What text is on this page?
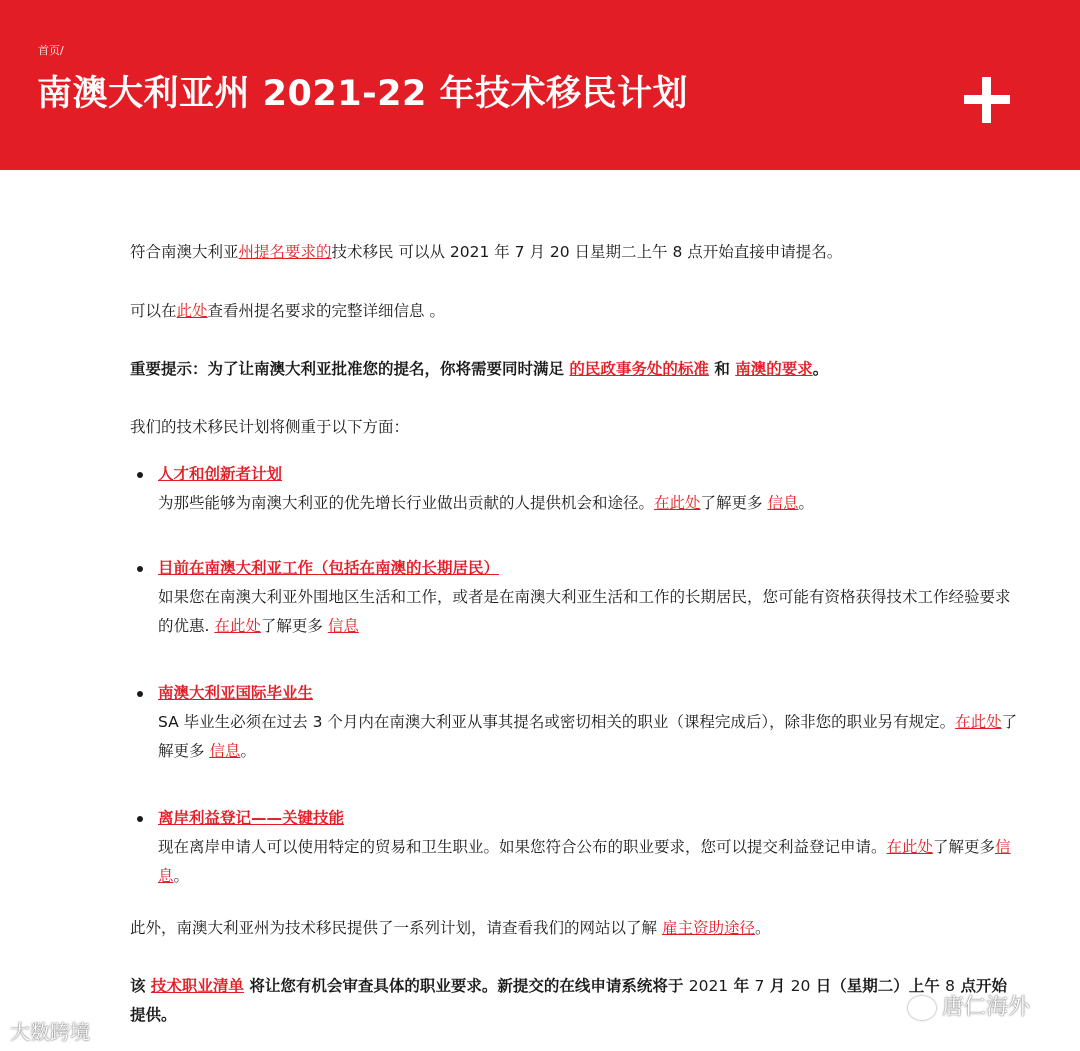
首页/
南澳大利亚州 2021-22 年技术移民计划

符合南澳大利亚州提名要求的技术移民 可以从 2021 年 7 月 20 日星期二上午 8 点开始直接申请提名。

可以在此处查看州提名要求的完整详细信息 。

重要提示：为了让南澳大利亚批准您的提名，你将需要同时满足 的民政事务处的标准 和 南澳的要求。

我们的技术移民计划将侧重于以下方面：

人才和创新者计划
为那些能够为南澳大利亚的优先增长行业做出贡献的人提供机会和途径。在此处了解更多 信息。
目前在南澳大利亚工作（包括在南澳的长期居民）
如果您在南澳大利亚外围地区生活和工作，或者是在南澳大利亚生活和工作的长期居民，您可能有资格获得技术工作经验要求的优惠. 在此处了解更多 信息
南澳大利亚国际毕业生
SA 毕业生必须在过去 3 个月内在南澳大利亚从事其提名或密切相关的职业（课程完成后），除非您的职业另有规定。在此处了解更多 信息。
离岸利益登记——关键技能
现在离岸申请人可以使用特定的贸易和卫生职业。如果您符合公布的职业要求，您可以提交利益登记申请。在此处了解更多信息。

此外，南澳大利亚州为技术移民提供了一系列计划，请查看我们的网站以了解 雇主资助途径。

该 技术职业清单 将让您有机会审查具体的职业要求。新提交的在线申请系统将于 2021 年 7 月 20 日（星期二）上午 8 点开始提供。

大数跨境
唐仁海外
